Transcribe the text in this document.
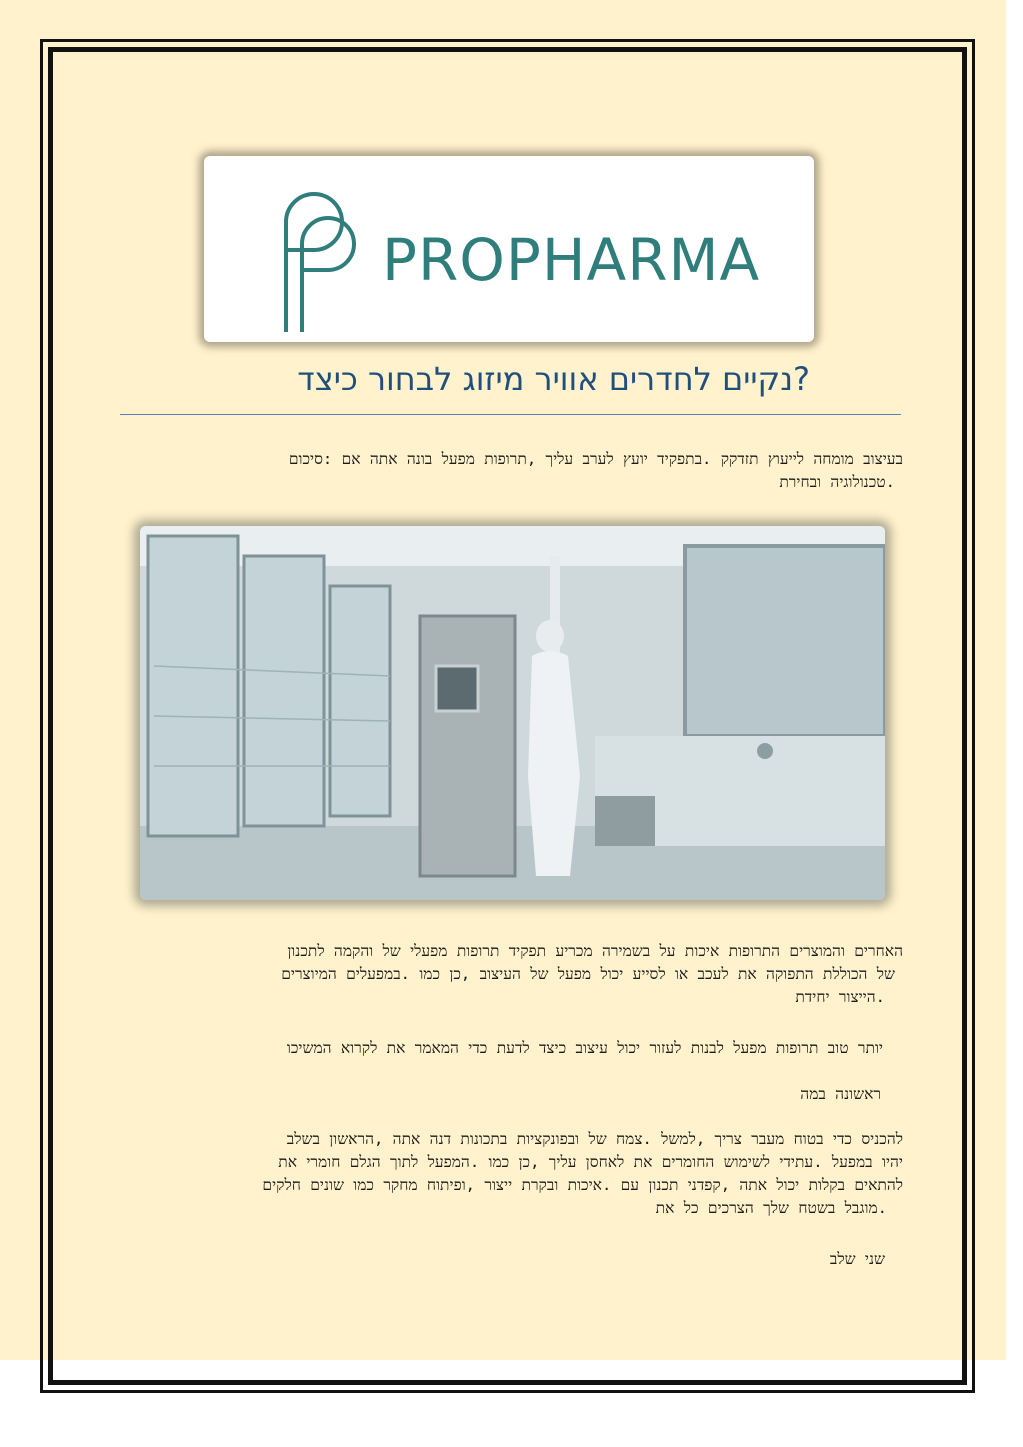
PROPHARMA
נקיים לחדרים אוויר מיזוג לבחור כיצד?
בעיצוב מומחה לייעוץ תזדקק .בתפקיד יועץ לערב עליך ,תרופות מפעל בונה אתה אם :סיכום
טכנולוגיה ובחירת.
האחרים והמוצרים התרופות איכות על בשמירה מכריע תפקיד תרופות מפעלי של והקמה לתכנון
של הכוללת התפוקה את לעכב או לסייע יכול מפעל של העיצוב ,כן כמו .במפעלים המיוצרים
הייצור יחידת.
יותר טוב תרופות מפעל לבנות לעזור יכול עיצוב כיצד לדעת כדי המאמר את לקרוא המשיכו
ראשונה במה
להכניס כדי בטוח מעבר צריך ,למשל .צמח של ובפונקציות בתכונות דנה אתה ,הראשון בשלב
יהיו במפעל .עתידי לשימוש החומרים את לאחסן עליך ,כן כמו .המפעל לתוך הגלם חומרי את
להתאים בקלות יכול אתה ,קפדני תכנון עם .איכות ובקרת ייצור ,ופיתוח מחקר כמו שונים חלקים
מוגבל בשטח שלך הצרכים כל את.
שני שלב
